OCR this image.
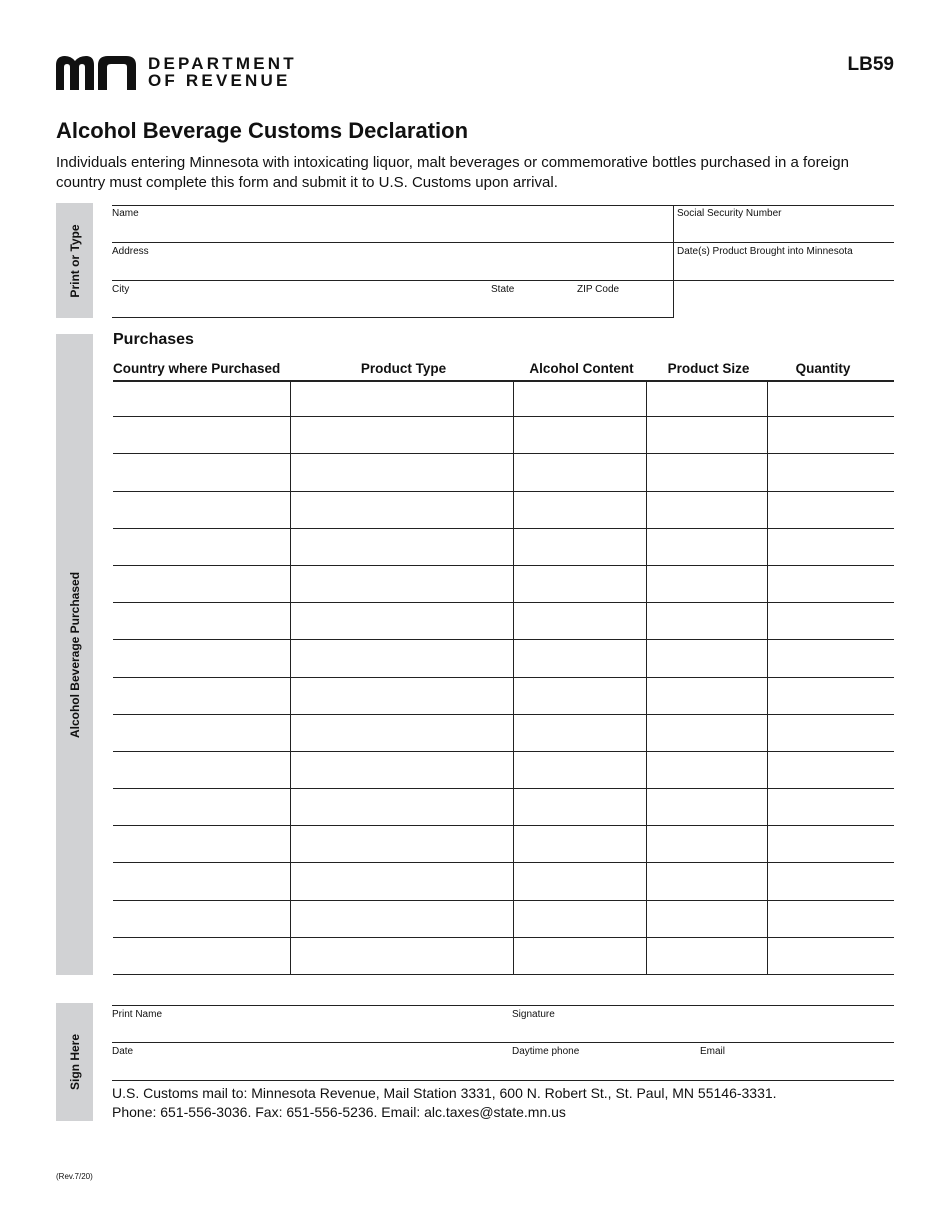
DEPARTMENT
OF REVENUE
LB59
Alcohol Beverage Customs Declaration
Individuals entering Minnesota with intoxicating liquor, malt beverages or commemorative bottles purchased in a foreign country must complete this form and submit it to U.S. Customs upon arrival.
Print or Type
Name	Social Security Number
Address	Date(s) Product Brought into Minnesota
City	State	ZIP Code
Alcohol Beverage Purchased
Purchases
Country where Purchased	Product Type	Alcohol Content	Product Size	Quantity
Sign Here
Print Name	Signature
Date	Daytime phone	Email
U.S. Customs mail to: Minnesota Revenue, Mail Station 3331, 600 N. Robert St., St. Paul, MN 55146-3331.
Phone: 651-556-3036. Fax: 651-556-5236. Email: alc.taxes@state.mn.us
(Rev.7/20)
